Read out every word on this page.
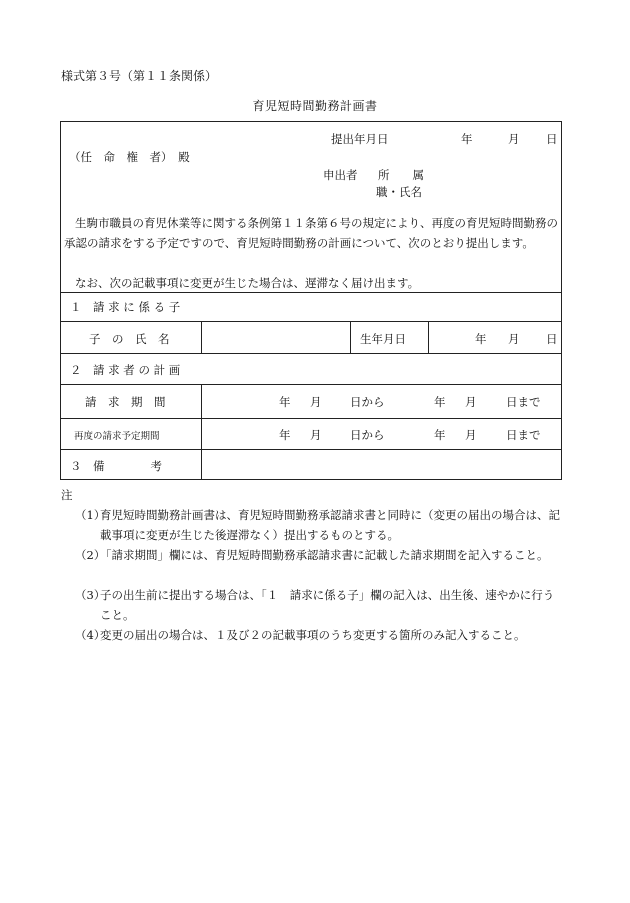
様式第３号（第１１条関係）
育児短時間勤務計画書
提出年月日	年	月 日
（任　命　権　者）　殿
申出者 所　　属
職・氏名
生駒市職員の育児休業等に関する条例第１１条第６号の規定により、再度の育児短時間勤務の承認の請求をする予定ですので、育児短時間勤務の計画について、次のとおり提出します。
なお、次の記載事項に変更が生じた場合は、遅滞なく届け出ます。
１　請 求 に 係 る 子
子　の　氏　名	生年月日	年 月 日
２　請 求 者 の 計 画
請　求　期　間	年 月 日から	年 月	日まで
再度の請求予定期間	年 月 日から	年 月	日まで
３　備　　　　考
注
（1）
育児短時間勤務計画書は、育児短時間勤務承認請求書と同時に（変更の届出の場合は、記載事項に変更が生じた後遅滞なく）提出するものとする。
（2）
「請求期間」欄には、育児短時間勤務承認請求書に記載した請求期間を記入すること。
（3）
子の出生前に提出する場合は、「１　請求に係る子」欄の記入は、出生後、速やかに行うこと。
（4）
変更の届出の場合は、１及び２の記載事項のうち変更する箇所のみ記入すること。
